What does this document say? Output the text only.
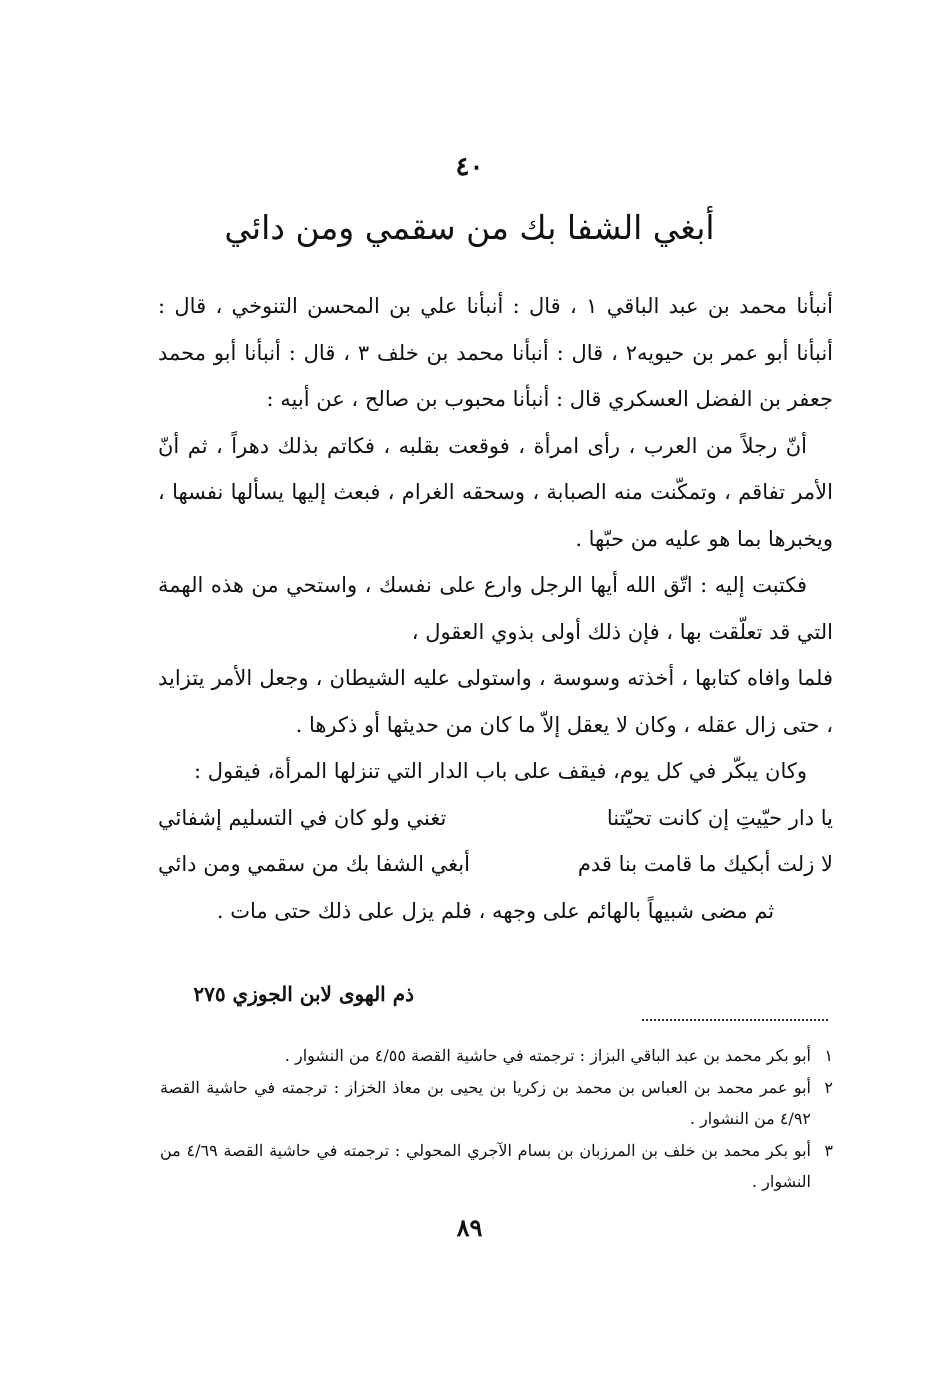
٤٠
أبغي الشفا بك من سقمي ومن دائي

أنبأنا محمد بن عبد الباقي ١ ، قال : أنبأنا علي بن المحسن التنوخي ، قال : أنبأنا أبو عمر بن حيويه٢ ، قال : أنبأنا محمد بن خلف ٣ ، قال : أنبأنا أبو محمد جعفر بن الفضل العسكري قال : أنبأنا محبوب بن صالح ، عن أبيه :

أنّ رجلاً من العرب ، رأى امرأة ، فوقعت بقلبه ، فكاتم بذلك دهراً ، ثم أنّ الأمر تفاقم ، وتمكّنت منه الصبابة ، وسحقه الغرام ، فبعث إليها يسألها نفسها ، ويخبرها بما هو عليه من حبّها .

فكتبت إليه : اتّق الله أيها الرجل وارع على نفسك ، واستحي من هذه الهمة التي قد تعلّقت بها ، فإن ذلك أولى بذوي العقول ،

فلما وافاه كتابها ، أخذته وسوسة ، واستولى عليه الشيطان ، وجعل الأمر يتزايد ، حتى زال عقله ، وكان لا يعقل إلاّ ما كان من حديثها أو ذكرها .

وكان يبكّر في كل يوم، فيقف على باب الدار التي تنزلها المرأة، فيقول :

يا دار حيّيتِ إن كانت تحيّتنا
تغني ولو كان في التسليم إشفائي
لا زلت أبكيك ما قامت بنا قدم
أبغي الشفا بك من سقمي ومن دائي

ثم مضى شبيهاً بالهائم على وجهه ، فلم يزل على ذلك حتى مات .

ذم الهوى لابن الجوزي ٢٧٥
١
أبو بكر محمد بن عبد الباقي البزاز : ترجمته في حاشية القصة ٤/٥٥ من النشوار .
٢
أبو عمر محمد بن العباس بن محمد بن زكريا بن يحيى بن معاذ الخزاز : ترجمته في حاشية القصة ٤/٩٢ من النشوار .
٣
أبو بكر محمد بن خلف بن المرزبان بن بسام الآجري المحولي : ترجمته في حاشية القصة ٤/٦٩ من النشوار .
٨٩
